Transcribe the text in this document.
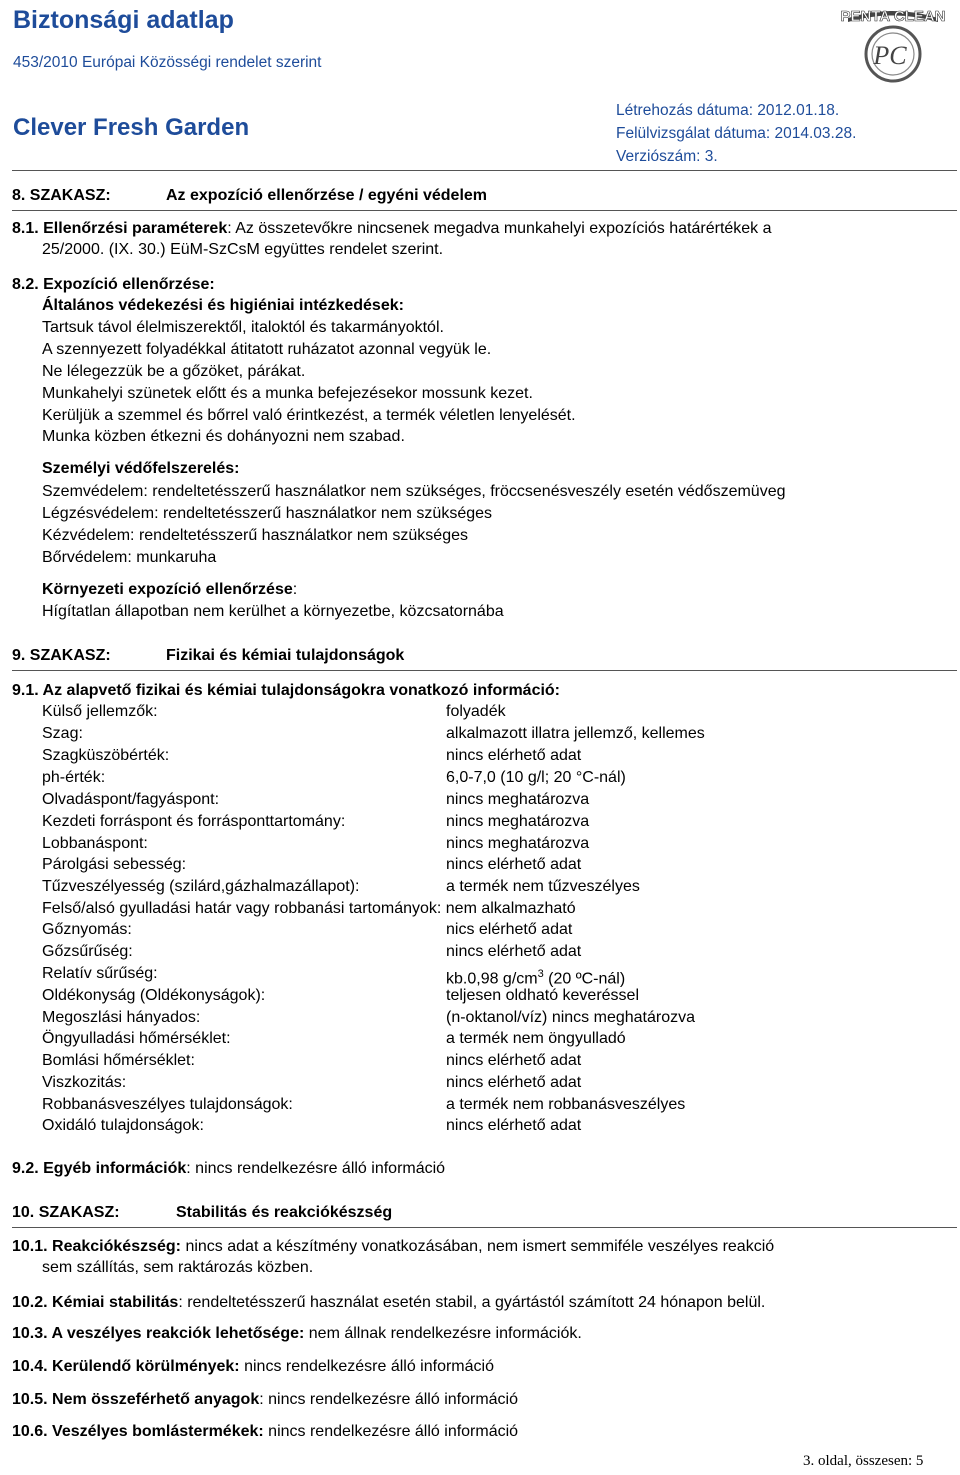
Biztonsági adatlap
453/2010 Európai Közösségi rendelet szerint
Clever Fresh Garden
Létrehozás dátuma: 2012.01.18.
Felülvizsgálat dátuma: 2014.03.28.
Verziószám: 3.
PENTA CLEAN
PC
8. SZAKASZ:	Az expozíció ellenőrzése / egyéni védelem
8.1. Ellenőrzési paraméterek: Az összetevőkre nincsenek megadva munkahelyi expozíciós határértékek a
25/2000. (IX. 30.) EüM-SzCsM együttes rendelet szerint.
8.2. Expozíció ellenőrzése:
Általános védekezési és higiéniai intézkedések:
Tartsuk távol élelmiszerektől, italoktól és takarmányoktól.
A szennyezett folyadékkal átitatott ruházatot azonnal vegyük le.
Ne lélegezzük be a gőzöket, párákat.
Munkahelyi szünetek előtt és a munka befejezésekor mossunk kezet.
Kerüljük a szemmel és bőrrel való érintkezést, a termék véletlen lenyelését.
Munka közben étkezni és dohányozni nem szabad.
Személyi védőfelszerelés:
Szemvédelem: rendeltetésszerű használatkor nem szükséges, fröccsenésveszély esetén védőszemüveg
Légzésvédelem: rendeltetésszerű használatkor nem szükséges
Kézvédelem: rendeltetésszerű használatkor nem szükséges
Bőrvédelem: munkaruha
Környezeti expozíció ellenőrzése:
Hígítatlan állapotban nem kerülhet a környezetbe, közcsatornába
9. SZAKASZ:	Fizikai és kémiai tulajdonságok
9.1. Az alapvető fizikai és kémiai tulajdonságokra vonatkozó információ:
Külső jellemzők:	folyadék
Szag:	alkalmazott illatra jellemző, kellemes
Szagküszöbérték:	nincs elérhető adat
ph-érték:	6,0-7,0 (10 g/l; 20 °C-nál)
Olvadáspont/fagyáspont:	nincs meghatározva
Kezdeti forráspont és forrásponttartomány:	nincs meghatározva
Lobbanáspont:	nincs meghatározva
Párolgási sebesség:	nincs elérhető adat
Tűzveszélyesség (szilárd,gázhalmazállapot):	a termék nem tűzveszélyes
Felső/alsó gyulladási határ vagy robbanási tartományok: nem alkalmazható
Gőznyomás:	nics elérhető adat
Gőzsűrűség:	nincs elérhető adat
Relatív sűrűség:	kb.0,98 $g/cm^3$ (20 ºC-nál)
Oldékonyság (Oldékonyságok):	teljesen oldható keveréssel
Megoszlási hányados:	(n-oktanol/víz) nincs meghatározva
Öngyulladási hőmérséklet:	a termék nem öngyulladó
Bomlási hőmérséklet:	nincs elérhető adat
Viszkozitás:	nincs elérhető adat
Robbanásveszélyes tulajdonságok:	a termék nem robbanásveszélyes
Oxidáló tulajdonságok:	nincs elérhető adat
9.2. Egyéb információk: nincs rendelkezésre álló információ
10. SZAKASZ:	Stabilitás és reakciókészség
10.1. Reakciókészség: nincs adat a készítmény vonatkozásában, nem ismert semmiféle veszélyes reakció
sem szállítás, sem raktározás közben.
10.2. Kémiai stabilitás: rendeltetésszerű használat esetén stabil, a gyártástól számított 24 hónapon belül.
10.3. A veszélyes reakciók lehetősége: nem állnak rendelkezésre információk.
10.4. Kerülendő körülmények: nincs rendelkezésre álló információ
10.5. Nem összeférhető anyagok: nincs rendelkezésre álló információ
10.6. Veszélyes bomlástermékek: nincs rendelkezésre álló információ
3. oldal, összesen: 5
